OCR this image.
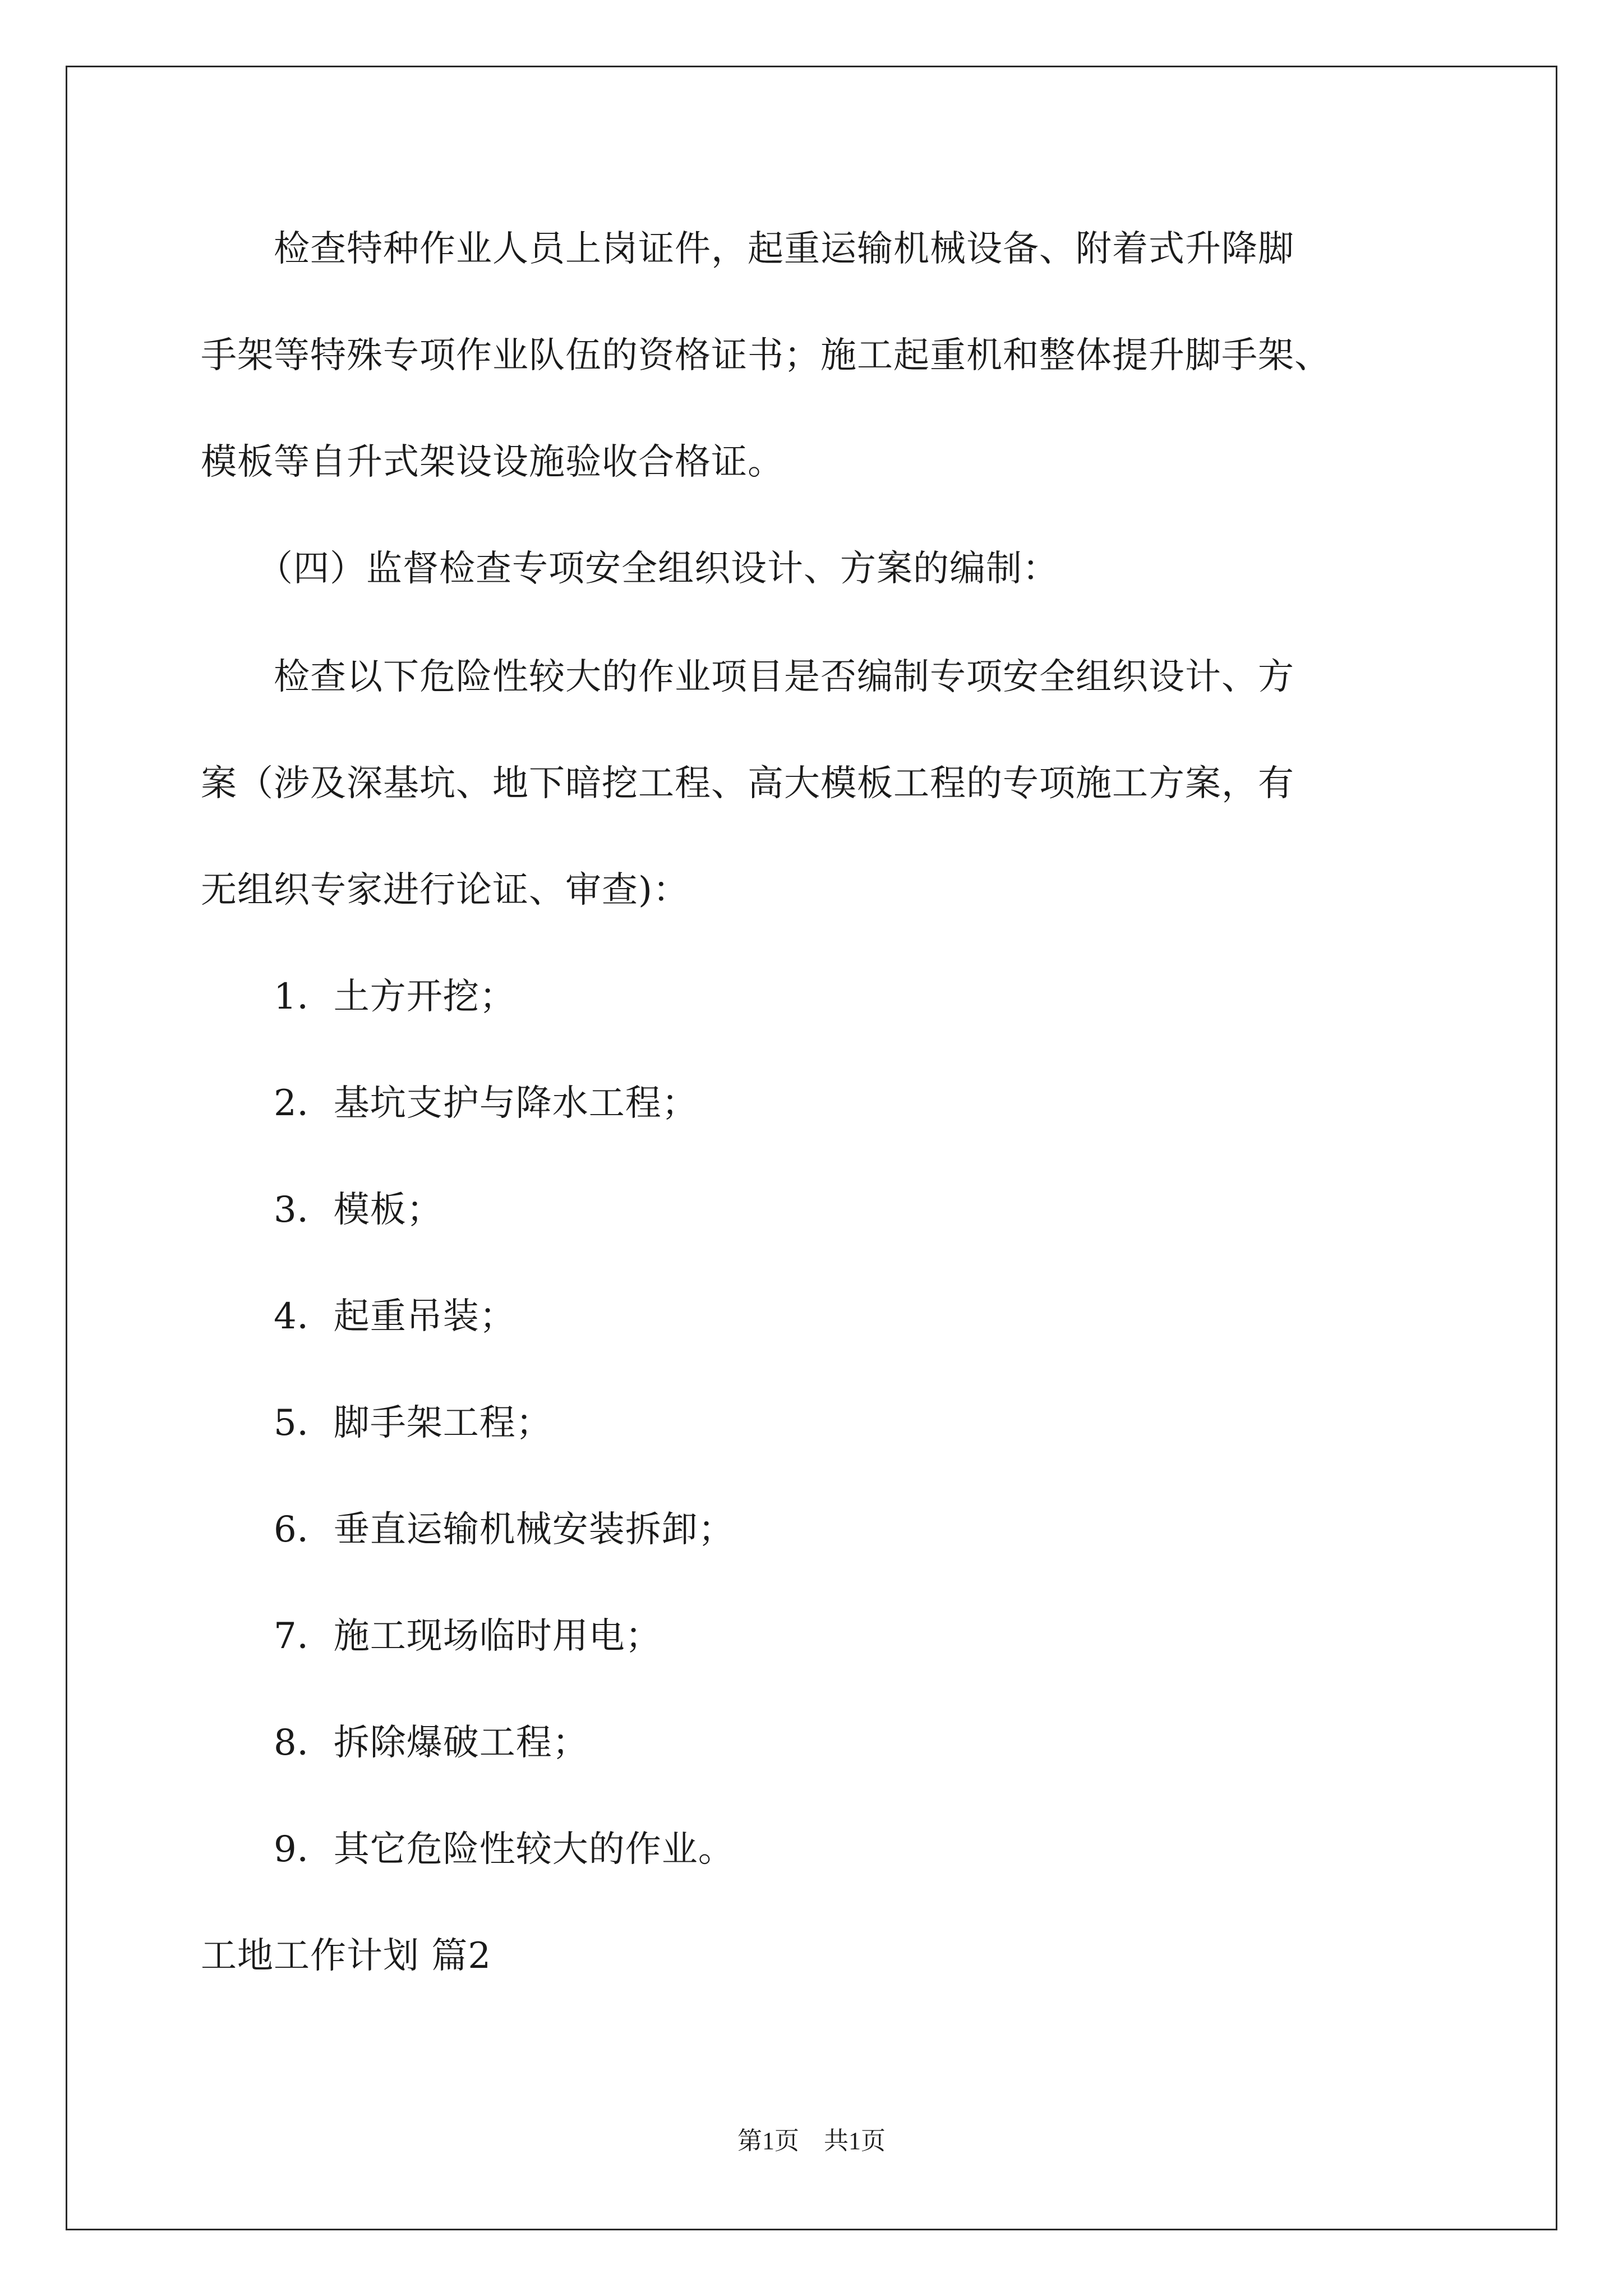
检查特种作业人员上岗证件，起重运输机械设备、附着式升降脚
手架等特殊专项作业队伍的资格证书；施工起重机和整体提升脚手架、
模板等自升式架设设施验收合格证。
（四）监督检查专项安全组织设计、方案的编制：
检查以下危险性较大的作业项目是否编制专项安全组织设计、方
案（涉及深基坑、地下暗挖工程、高大模板工程的专项施工方案，有
无组织专家进行论证、审查)：
1．土方开挖；
2．基坑支护与降水工程；
3．模板；
4．起重吊装；
5．脚手架工程；
6．垂直运输机械安装拆卸；
7．施工现场临时用电；
8．拆除爆破工程；
9．其它危险性较大的作业。
工地工作计划 篇2
第1页　共1页
